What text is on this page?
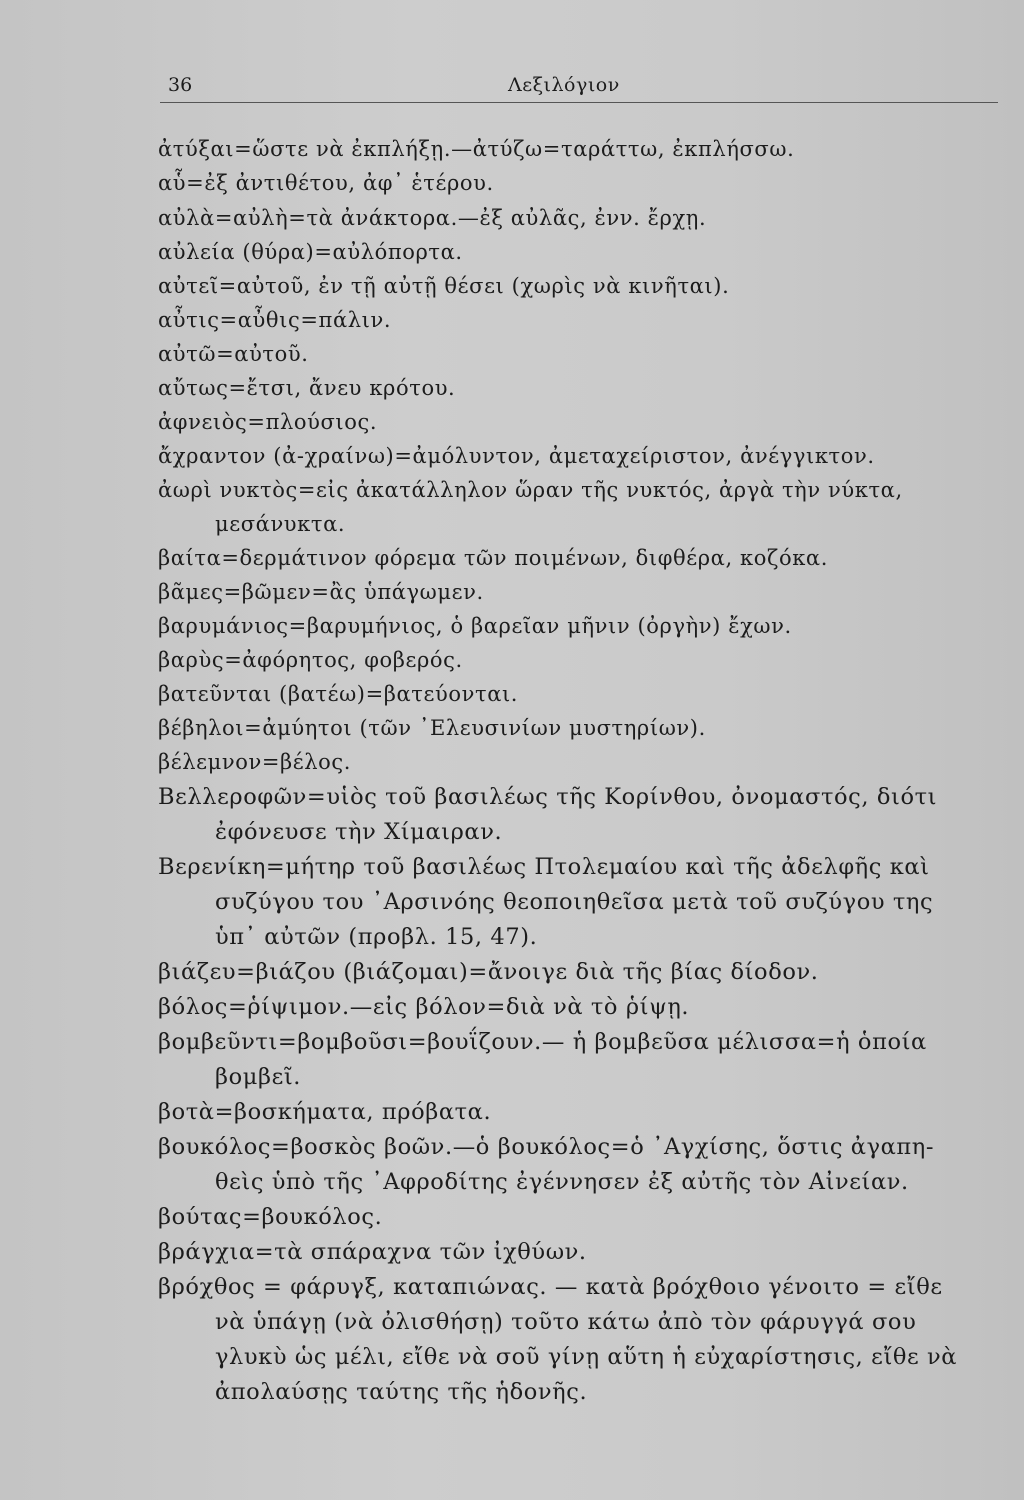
36	Λεξιλόγιον
ἀτύξαι=ὥστε νὰ ἐκπλήξῃ.—ἀτύζω=ταράττω, ἐκπλήσσω.
αὗ=ἐξ ἀντιθέτου, ἀφ᾽ ἑτέρου.
αὐλὰ=αὐλὴ=τὰ ἀνάκτορα.—ἐξ αὐλᾶς, ἐνν. ἔρχῃ.
αὐλεία (θύρα)=αὐλόπορτα.
αὐτεῖ=αὐτοῦ, ἐν τῇ αὐτῇ θέσει (χωρὶς νὰ κινῆται).
αὖτις=αὖθις=πάλιν.
αὐτῶ=αὐτοῦ.
αὔτως=ἔτσι, ἄνευ κρότου.
ἀφνειὸς=πλούσιος.
ἄχραντον (ἀ-χραίνω)=ἀμόλυντον, ἀμεταχείριστον, ἀνέγγικτον.
ἀωρὶ νυκτὸς=εἰς ἀκατάλληλον ὥραν τῆς νυκτός, ἀργὰ τὴν νύκτα,
μεσάνυκτα.
βαίτα=δερμάτινον φόρεμα τῶν ποιμένων, διφθέρα, κοζόκα.
βᾶμες=βῶμεν=ἂς ὑπάγωμεν.
βαρυμάνιος=βαρυμήνιος, ὁ βαρεῖαν μῆνιν (ὀργὴν) ἔχων.
βαρὺς=ἀφόρητος, φοβερός.
βατεῦνται (βατέω)=βατεύονται.
βέβηλοι=ἀμύητοι (τῶν ᾿Ελευσινίων μυστηρίων).
βέλεμνον=βέλος.
Βελλεροφῶν=υἱὸς τοῦ βασιλέως τῆς Κορίνθου, ὀνομαστός, διότι
ἐφόνευσε τὴν Χίμαιραν.
Βερενίκη=μήτηρ τοῦ βασιλέως Πτολεμαίου καὶ τῆς ἀδελφῆς καὶ
συζύγου του ᾿Αρσινόης θεοποιηθεῖσα μετὰ τοῦ συζύγου της
ὑπ᾽ αὐτῶν (προβλ. 15, 47).
βιάζευ=βιάζου (βιάζομαι)=ἄνοιγε διὰ τῆς βίας δίοδον.
βόλος=ῥίψιμον.—εἰς βόλον=διὰ νὰ τὸ ῥίψῃ.
βομβεῦντι=βομβοῦσι=βουΐζουν.— ἡ βομβεῦσα μέλισσα=ἡ ὁποία
βομβεῖ.
βοτὰ=βοσκήματα, πρόβατα.
βουκόλος=βοσκὸς βοῶν.—ὁ βουκόλος=ὁ ᾿Αγχίσης, ὅστις ἀγαπη-
θεὶς ὑπὸ τῆς ᾿Αφροδίτης ἐγέννησεν ἐξ αὐτῆς τὸν Αἰνείαν.
βούτας=βουκόλος.
βράγχια=τὰ σπάραχνα τῶν ἰχθύων.
βρόχθος = φάρυγξ, καταπιώνας. — κατὰ βρόχθοιο γένοιτο = εἴθε
νὰ ὑπάγῃ (νὰ ὀλισθήσῃ) τοῦτο κάτω ἀπὸ τὸν φάρυγγά σου
γλυκὺ ὡς μέλι, εἴθε νὰ σοῦ γίνῃ αὕτη ἡ εὐχαρίστησις, εἴθε νὰ
ἀπολαύσῃς ταύτης τῆς ἡδονῆς.
